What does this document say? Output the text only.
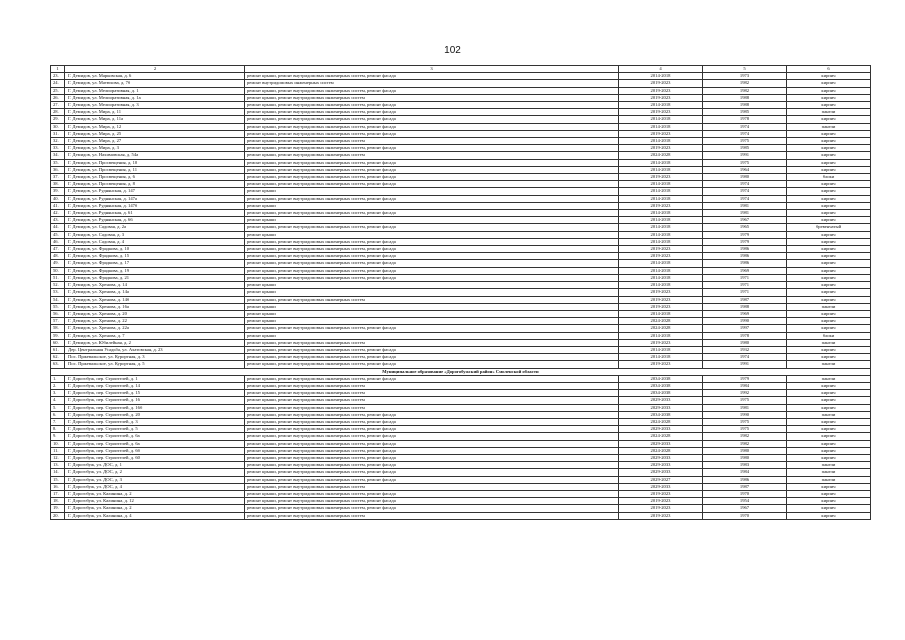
102
1	2	3	4	5	6
23.	Г. Демидов, ул. Марковская, д. 6	ремонт крыши, ремонт внутридомовых инженерных систем, ремонт фасада	2014-2018	1973	кирпич
24.	Г. Демидов, ул. Матюхова, д. 7б	ремонт внутридомовых инженерных систем	2019-2023	1982	кирпич
25.	Г. Демидов, ул. Мелиоративная, д. 1	ремонт крыши, ремонт внутридомовых инженерных систем, ремонт фасада	2019-2023	1982	кирпич
26.	Г. Демидов, ул. Мелиоративная, д. 1а	ремонт крыши, ремонт внутридомовых инженерных систем	2019-2023	1988	кирпич
27.	Г. Демидов, ул. Мелиоративная, д. 3	ремонт крыши, ремонт внутридомовых инженерных систем, ремонт фасада	2014-2018	1988	кирпич
28.	Г. Демидов, ул. Мира, д. 11	ремонт крыши, ремонт внутридомовых инженерных систем, ремонт фасада	2019-2023	1985	панели
29.	Г. Демидов, ул. Мира, д. 11а	ремонт крыши, ремонт внутридомовых инженерных систем, ремонт фасада	2014-2018	1978	кирпич
30.	Г. Демидов, ул. Мира, д. 12	ремонт крыши, ремонт внутридомовых инженерных систем, ремонт фасада	2014-2018	1974	панели
31.	Г. Демидов, ул. Мира, д. 25	ремонт крыши, ремонт внутридомовых инженерных систем, ремонт фасада	2019-2023	1974	кирпич
32.	Г. Демидов, ул. Мира, д. 27	ремонт крыши, ремонт внутридомовых инженерных систем	2014-2018	1975	кирпич
33.	Г. Демидов, ул. Мира, д. 3	ремонт крыши, ремонт внутридомовых инженерных систем, ремонт фасада	2019-2023	1985	кирпич
34.	Г. Демидов, ул. Нахимовская, д. 54а	ремонт крыши, ремонт внутридомовых инженерных систем	2024-2028	1991	кирпич
35.	Г. Демидов, ул. Просвещения, д. 10	ремонт крыши, ремонт внутридомовых инженерных систем, ремонт фасада	2014-2018	1975	кирпич
36.	Г. Демидов, ул. Просвещения, д. 11	ремонт крыши, ремонт внутридомовых инженерных систем, ремонт фасада	2014-2018	1964	кирпич
37.	Г. Демидов, ул. Просвещения, д. 6	ремонт крыши, ремонт внутридомовых инженерных систем, ремонт фасада	2019-2023	1980	блоки
38.	Г. Демидов, ул. Просвещения, д. 8	ремонт крыши, ремонт внутридомовых инженерных систем, ремонт фасада	2014-2018	1974	кирпич
39.	Г. Демидов, ул. Руднянская, д. 147	ремонт крыши	2014-2018	1974	кирпич
40.	Г. Демидов, ул. Руднянская, д. 147а	ремонт крыши, ремонт внутридомовых инженерных систем, ремонт фасада	2014-2018	1974	кирпич
41.	Г. Демидов, ул. Руднянская, д. 147б	ремонт крыши	2019-2023	1981	кирпич
42.	Г. Демидов, ул. Руднянская, д. 61	ремонт крыши, ремонт внутридомовых инженерных систем, ремонт фасада	2014-2018	1981	кирпич
43.	Г. Демидов, ул. Руднянская, д. 66	ремонт крыши	2014-2018	1967	кирпич
44.	Г. Демидов, ул. Садовая, д. 2а	ремонт крыши, ремонт внутридомовых инженерных систем, ремонт фасада	2014-2018	1965	бревенчатый
45.	Г. Демидов, ул. Садовая, д. 3	ремонт крыши	2014-2018	1979	кирпич
46.	Г. Демидов, ул. Садовая, д. 4	ремонт крыши, ремонт внутридомовых инженерных систем, ремонт фасада	2014-2018	1979	кирпич
47.	Г. Демидов, ул. Фрадкова, д. 10	ремонт крыши, ремонт внутридомовых инженерных систем, ремонт фасада	2019-2023	1986	кирпич
48.	Г. Демидов, ул. Фрадкова, д. 15	ремонт крыши, ремонт внутридомовых инженерных систем, ремонт фасада	2019-2023	1986	кирпич
49.	Г. Демидов, ул. Фрадкова, д. 17	ремонт крыши, ремонт внутридомовых инженерных систем, ремонт фасада	2014-2018	1986	кирпич
50.	Г. Демидов, ул. Фрадкова, д. 19	ремонт крыши, ремонт внутридомовых инженерных систем, ремонт фасада	2014-2018	1969	кирпич
51.	Г. Демидов, ул. Фрадкова, д. 21	ремонт крыши, ремонт внутридомовых инженерных систем, ремонт фасада	2014-2018	1971	кирпич
52.	Г. Демидов, ул. Хренова, д. 14	ремонт крыши	2014-2018	1971	кирпич
53.	Г. Демидов, ул. Хренова, д. 14а	ремонт крыши	2019-2023	1971	кирпич
54.	Г. Демидов, ул. Хренова, д. 14б	ремонт крыши, ремонт внутридомовых инженерных систем	2019-2023	1987	кирпич
55.	Г. Демидов, ул. Хренова, д. 16а	ремонт крыши	2019-2023	1988	панели
56.	Г. Демидов, ул. Хренова, д. 20	ремонт крыши	2014-2018	1969	кирпич
57.	Г. Демидов, ул. Хренова, д. 22	ремонт крыши	2024-2028	1990	кирпич
58.	Г. Демидов, ул. Хренова, д. 22а	ремонт крыши, ремонт внутридомовых инженерных систем, ремонт фасада	2024-2028	1997	кирпич
59.	Г. Демидов, ул. Хренова, д. 7	ремонт крыши	2014-2018	1978	блоки
60.	Г. Демидов, ул. Юбилейная, д. 2	ремонт крыши, ремонт внутридомовых инженерных систем	2019-2023	1980	панели
61.	Дер. Центральная Усадьба, ул. Ахатовская, д. 23	ремонт крыши, ремонт внутридомовых инженерных систем, ремонт фасада	2014-2018	1932	кирпич
62.	Пос. Пржевальское, ул. Курортная, д. 3	ремонт крыши, ремонт внутридомовых инженерных систем, ремонт фасада	2014-2018	1974	кирпич
63.	Пос. Пржевальское, ул. Курортная, д. 5	ремонт крыши, ремонт внутридомовых инженерных систем, ремонт фасада	2019-2023	1991	панели
Муниципальное образование «Дорогобужский район» Смоленской области					
1.	Г. Дорогобуж, пер. Строителей, д. 1	ремонт крыши, ремонт внутридомовых инженерных систем, ремонт фасада	2034-2038	1979	панели
2.	Г. Дорогобуж, пер. Строителей, д. 14	ремонт крыши, ремонт внутридомовых инженерных систем	2034-2038	1984	кирпич
3.	Г. Дорогобуж, пер. Строителей, д. 15	ремонт крыши, ремонт внутридомовых инженерных систем	2034-2038	1992	кирпич
4.	Г. Дорогобуж, пер. Строителей, д. 16	ремонт крыши, ремонт внутридомовых инженерных систем	2029-2033	1975	кирпич
5.	Г. Дорогобуж, пер. Строителей, д. 16б	ремонт крыши, ремонт внутридомовых инженерных систем	2029-2033	1981	кирпич
6.	Г. Дорогобуж, пер. Строителей, д. 20	ремонт крыши, ремонт внутридомовых инженерных систем, ремонт фасада	2034-2038	1990	панели
7.	Г. Дорогобуж, пер. Строителей, д. 3	ремонт крыши, ремонт внутридомовых инженерных систем, ремонт фасада	2024-2028	1975	кирпич
8.	Г. Дорогобуж, пер. Строителей, д. 5	ремонт крыши, ремонт внутридомовых инженерных систем, ремонт фасада	2029-2033	1975	кирпич
9.	Г. Дорогобуж, пер. Строителей, д. 6а	ремонт крыши, ремонт внутридомовых инженерных систем, ремонт фасада	2024-2028	1982	кирпич
10.	Г. Дорогобуж, пер. Строителей, д. 6а	ремонт крыши, ремонт внутридомовых инженерных систем, ремонт фасада	2029-2033	1982	кирпич
11.	Г. Дорогобуж, пер. Строителей, д. 6б	ремонт крыши, ремонт внутридомовых инженерных систем, ремонт фасада	2024-2028	1980	кирпич
12.	Г. Дорогобуж, пер. Строителей, д. 60	ремонт крыши, ремонт внутридомовых инженерных систем, ремонт фасада	2029-2033	1980	кирпич
13.	Г. Дорогобуж, ул. ДОС, д. 1	ремонт крыши, ремонт внутридомовых инженерных систем, ремонт фасада	2029-2033	1983	панели
14.	Г. Дорогобуж, ул. ДОС, д. 2	ремонт крыши, ремонт внутридомовых инженерных систем, ремонт фасада	2029-2033	1984	панели
15.	Г. Дорогобуж, ул. ДОС, д. 3	ремонт крыши, ремонт внутридомовых инженерных систем, ремонт фасада	2029-2027	1986	панели
16.	Г. Дорогобуж, ул. ДОС, д. 4	ремонт крыши, ремонт внутридомовых инженерных систем	2029-2033	1987	кирпич
17.	Г. Дорогобуж, ул. Калинина, д. 2	ремонт крыши, ремонт внутридомовых инженерных систем, ремонт фасада	2019-2023	1970	кирпич
18.	Г. Дорогобуж, ул. Калинина, д. 12	ремонт крыши, ремонт внутридомовых инженерных систем, ремонт фасада	2019-2023	1954	кирпич
19.	Г. Дорогобуж, ул. Калинина, д. 2	ремонт крыши, ремонт внутридомовых инженерных систем, ремонт фасада	2019-2023	1967	кирпич
20.	Г. Дорогобуж, ул. Калинина, д. 4	ремонт крыши, ремонт внутридомовых инженерных систем	2019-2023	1970	кирпич
